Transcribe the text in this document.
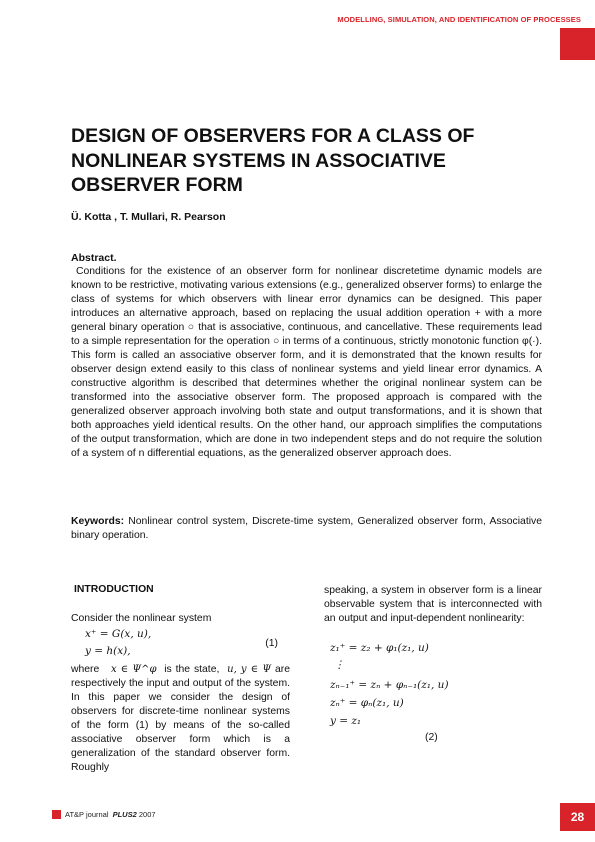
MODELLING, SIMULATION, AND IDENTIFICATION OF PROCESSES
DESIGN OF OBSERVERS FOR A CLASS OF NONLINEAR SYSTEMS IN ASSOCIATIVE OBSERVER FORM
Ü. Kotta , T. Mullari, R. Pearson
Abstract.

Conditions for the existence of an observer form for nonlinear discretetime dynamic models are known to be restrictive, motivating various extensions (e.g., generalized observer forms) to enlarge the class of systems for which observers with linear error dynamics can be designed. This paper introduces an alternative approach, based on replacing the usual addition operation + with a more general binary operation ○ that is associative, continuous, and cancellative. These requirements lead to a simple representation for the operation ○ in terms of a continuous, strictly monotonic function φ(·). This form is called an associative observer form, and it is demonstrated that the known results for observer design extend easily to this class of nonlinear systems and yield linear error dynamics. A constructive algorithm is described that determines whether the original nonlinear system can be transformed into the associative observer form. The proposed approach is compared with the generalized observer approach involving both state and output transformations, and it is shown that both approaches yield identical results. On the other hand, our approach simplifies the computations of the output transformation, which are done in two independent steps and do not require the solution of a system of n differential equations, as the generalized observer approach does.

Keywords: Nonlinear control system, Discrete-time system, Generalized observer form, Associative binary operation.
INTRODUCTION
Consider the nonlinear system
x⁺ = G(x, u),
y = h(x),
(1)
where x ∈ Ψ^φ is the state, u, y ∈ Ψ are respectively the input and output of the system. In this paper we consider the design of observers for discrete-time nonlinear systems of the form (1) by means of the so-called associative observer form which is a generalization of the standard observer form. Roughly
speaking, a system in observer form is a linear observable system that is interconnected with an output and input-dependent nonlinearity:
z₁⁺ = z₂ + φ₁(z₁, u)
⋮
zₙ₋₁⁺ = zₙ + φₙ₋₁(z₁, u)
zₙ⁺ = φₙ(z₁, u)
y = z₁
(2)
AT&P journal PLUS2 2007	28
